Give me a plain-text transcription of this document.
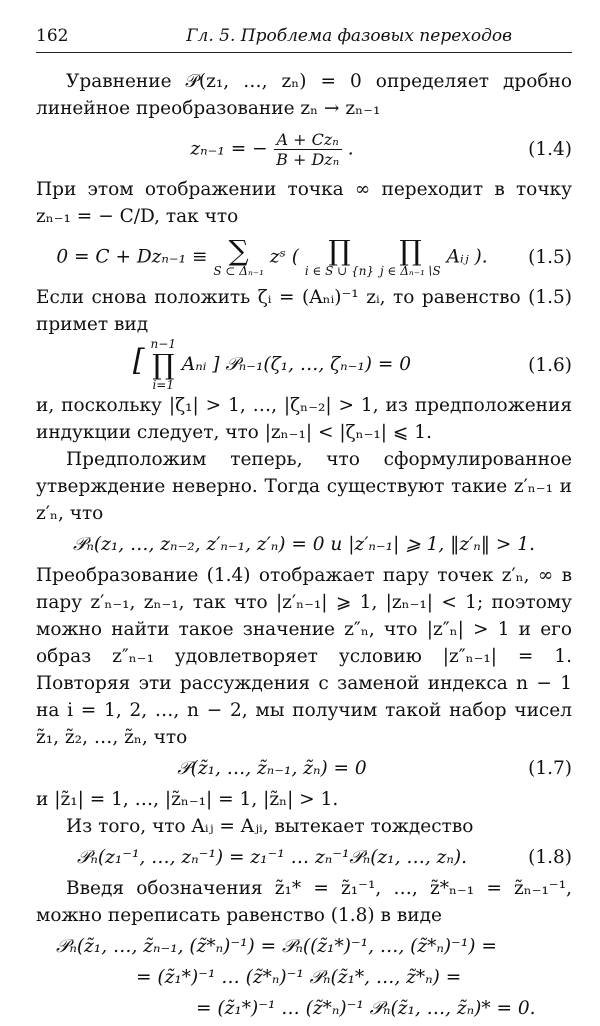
162	Гл. 5. Проблема фазовых переходов

Уравнение 𝒫(z₁, …, zₙ) = 0 определяет дробно линейное преобразование zₙ → zₙ₋₁

zₙ₋₁ = − $\frac{\text{A + Czₙ}}{\text{B + Dzₙ}}$ .	(1.4)

При этом отображении точка ∞ переходит в точку zₙ₋₁ = − C/D, так что

0 = C + Dzₙ₋₁ ≡ ∑
S ⊂ Δₙ₋₁
zˢ ( ∏
i ∈ S ∪ {n}

∏
j ∈ Δₙ₋₁∖S
Aᵢⱼ ).	(1.5)

Если снова положить ζᵢ = (Aₙᵢ)⁻¹ zᵢ, то равенство (1.5) примет вид

[ n−1
∏
i=1
Aₙᵢ ] 𝒫ₙ₋₁(ζ₁, …, ζₙ₋₁) = 0	(1.6)

и, поскольку |ζ₁| > 1, …, |ζₙ₋₂| > 1, из предположения индукции следует, что |zₙ₋₁| < |ζₙ₋₁| ⩽ 1.

Предположим теперь, что сформулированное утверждение неверно. Тогда существуют такие z′ₙ₋₁ и z′ₙ, что

𝒫ₙ(z₁, …, zₙ₋₂, z′ₙ₋₁, z′ₙ) = 0 и |z′ₙ₋₁| ⩾ 1, ‖z′ₙ‖ > 1.

Преобразование (1.4) отображает пару точек z′ₙ, ∞ в пару z′ₙ₋₁, zₙ₋₁, так что |z′ₙ₋₁| ⩾ 1, |zₙ₋₁| < 1; поэтому можно найти такое значение z″ₙ, что |z″ₙ| > 1 и его образ z″ₙ₋₁ удовлетворяет условию |z″ₙ₋₁| = 1. Повторяя эти рассуждения с заменой индекса n − 1 на i = 1, 2, …, n − 2, мы получим такой набор чисел z̃₁, z̃₂, …, z̃ₙ, что

𝒫(z̃₁, …, z̃ₙ₋₁, z̃ₙ) = 0	(1.7)

и |z̃₁| = 1, …, |z̃ₙ₋₁| = 1, |z̃ₙ| > 1.

Из того, что Aᵢⱼ = Aⱼᵢ, вытекает тождество

𝒫ₙ(z₁⁻¹, …, zₙ⁻¹) = z₁⁻¹ … zₙ⁻¹𝒫ₙ(z₁, …, zₙ).	(1.8)

Введя обозначения z̃₁* = z̃₁⁻¹, …, z̃*ₙ₋₁ = z̃ₙ₋₁⁻¹, можно переписать равенство (1.8) в виде

𝒫ₙ(z̃₁, …, z̃ₙ₋₁, (z̃*ₙ)⁻¹) = 𝒫ₙ((z̃₁*)⁻¹, …, (z̃*ₙ)⁻¹) =
= (z̃₁*)⁻¹ … (z̃*ₙ)⁻¹ 𝒫ₙ(z̃₁*, …, z̃*ₙ) =
= (z̃₁*)⁻¹ … (z̃*ₙ)⁻¹ 𝒫ₙ(z̃₁, …, z̃ₙ)* = 0.
